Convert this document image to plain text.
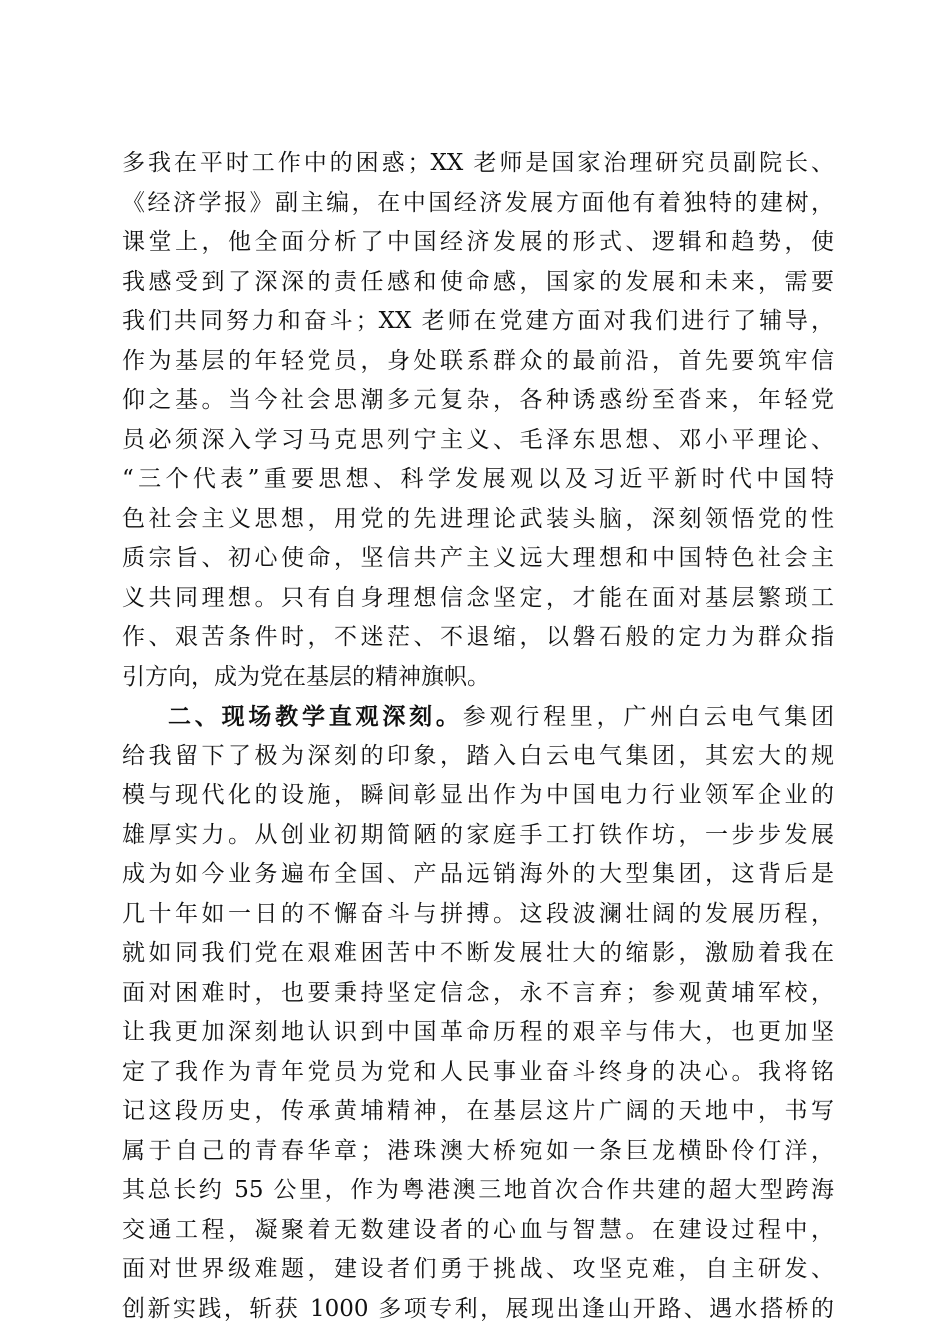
多我在平时工作中的困惑；XX 老师是国家治理研究员副院长、
《经济学报》副主编，在中国经济发展方面他有着独特的建树，
课堂上，他全面分析了中国经济发展的形式、逻辑和趋势，使
我感受到了深深的责任感和使命感，国家的发展和未来，需要
我们共同努力和奋斗；XX 老师在党建方面对我们进行了辅导，
作为基层的年轻党员，身处联系群众的最前沿，首先要筑牢信
仰之基。当今社会思潮多元复杂，各种诱惑纷至沓来，年轻党
员必须深入学习马克思列宁主义、毛泽东思想、邓小平理论、
“三个代表”重要思想、科学发展观以及习近平新时代中国特
色社会主义思想，用党的先进理论武装头脑，深刻领悟党的性
质宗旨、初心使命，坚信共产主义远大理想和中国特色社会主
义共同理想。只有自身理想信念坚定，才能在面对基层繁琐工
作、艰苦条件时，不迷茫、不退缩，以磐石般的定力为群众指
引方向，成为党在基层的精神旗帜。
二、现场教学直观深刻。参观行程里，广州白云电气集团
给我留下了极为深刻的印象，踏入白云电气集团，其宏大的规
模与现代化的设施，瞬间彰显出作为中国电力行业领军企业的
雄厚实力。从创业初期简陋的家庭手工打铁作坊，一步步发展
成为如今业务遍布全国、产品远销海外的大型集团，这背后是
几十年如一日的不懈奋斗与拼搏。这段波澜壮阔的发展历程，
就如同我们党在艰难困苦中不断发展壮大的缩影，激励着我在
面对困难时，也要秉持坚定信念，永不言弃；参观黄埔军校，
让我更加深刻地认识到中国革命历程的艰辛与伟大，也更加坚
定了我作为青年党员为党和人民事业奋斗终身的决心。我将铭
记这段历史，传承黄埔精神，在基层这片广阔的天地中，书写
属于自己的青春华章；港珠澳大桥宛如一条巨龙横卧伶仃洋，
其总长约 55 公里，作为粤港澳三地首次合作共建的超大型跨海
交通工程，凝聚着无数建设者的心血与智慧。在建设过程中，
面对世界级难题，建设者们勇于挑战、攻坚克难，自主研发、
创新实践，斩获 1000 多项专利，展现出逢山开路、遇水搭桥的
